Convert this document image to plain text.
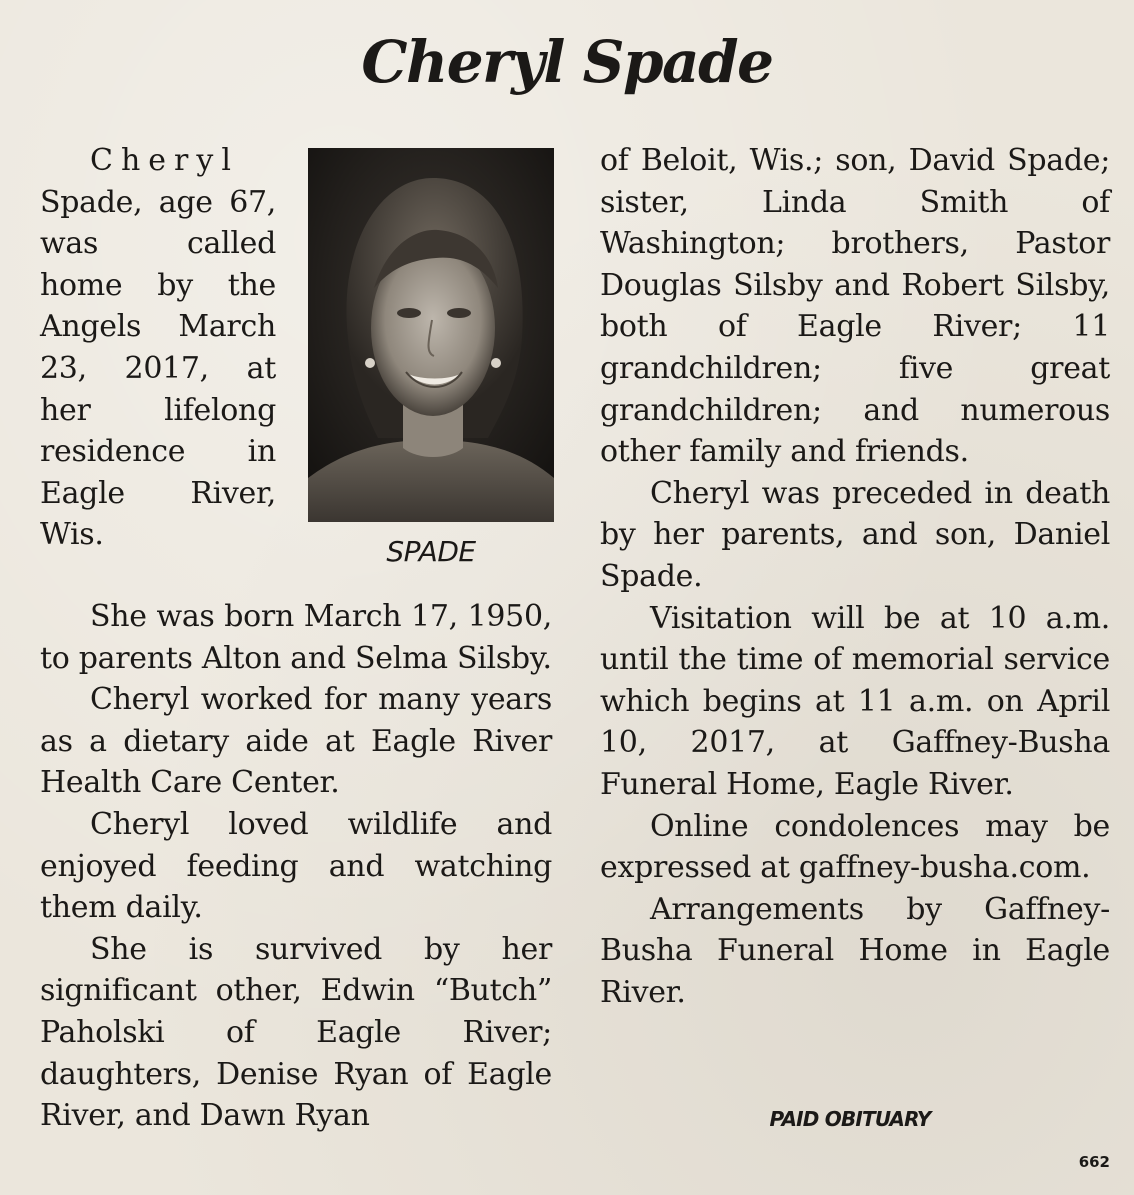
Cheryl Spade

Cheryl Spade, age 67, was called home by the Angels March 23, 2017, at her lifelong residence in Eagle River, Wis.	SPADE

She was born March 17, 1950, to parents Alton and Selma Silsby.

Cheryl worked for many years as a dietary aide at Eagle River Health Care Center.

Cheryl loved wildlife and enjoyed feeding and watching them daily.

She is survived by her significant other, Edwin “Butch” Paholski of Eagle River; daughters, Denise Ryan of Eagle River, and Dawn Ryan

of Beloit, Wis.; son, David Spade; sister, Linda Smith of Washington; brothers, Pastor Douglas Silsby and Robert Silsby, both of Eagle River; 11 grandchildren; five great grandchildren; and numerous other family and friends.

Cheryl was preceded in death by her parents, and son, Daniel Spade.

Visitation will be at 10 a.m. until the time of memorial service which begins at 11 a.m. on April 10, 2017, at Gaffney-Busha Funeral Home, Eagle River.

Online condolences may be expressed at gaffney-busha.com.

Arrangements by Gaffney-Busha Funeral Home in Eagle River.

PAID OBITUARY
662
